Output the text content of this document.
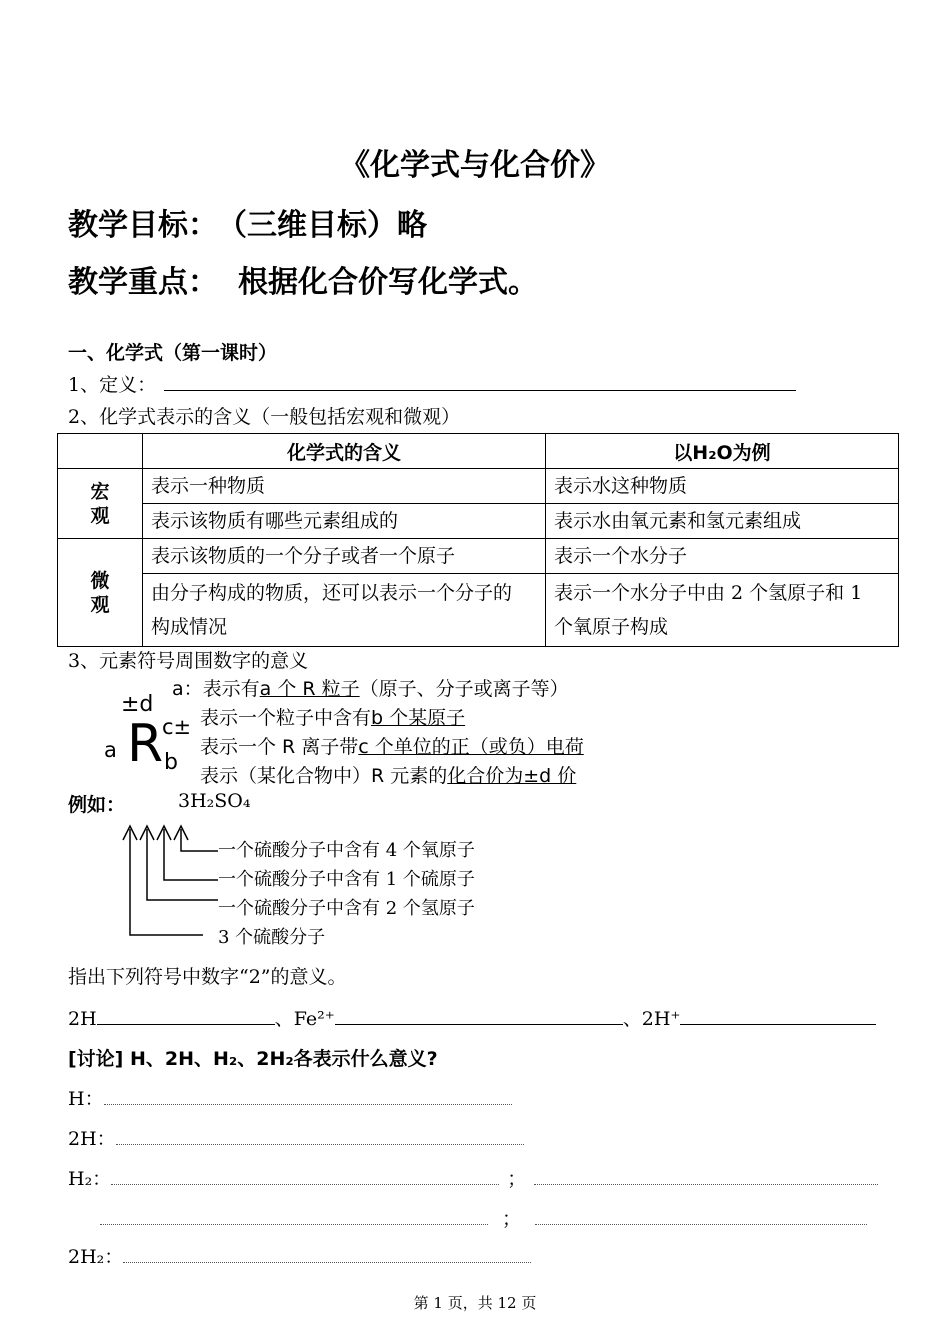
《化学式与化合价》
教学目标： （三维目标）略
教学重点： 根据化合价写化学式。
一、化学式（第一课时）
1、定义：
2、化学式表示的含义（一般包括宏观和微观）
	化学式的含义	以H₂O为例
宏观	表示一种物质	表示水这种物质
	表示该物质有哪些元素组成的	表示水由氧元素和氢元素组成
微观	表示该物质的一个分子或者一个原子	表示一个水分子

	由分子构成的物质，还可以表示一个分子的构成情况	表示一个水分子中由 2 个氢原子和 1 个氧原子构成
3、元素符号周围数字的意义
a R
±d
c±
b
a：表示有a 个 R 粒子（原子、分子或离子等）
表示一个粒子中含有b 个某原子
表示一个 R 离子带c 个单位的正（或负）电荷
表示（某化合物中）R 元素的化合价为±d 价
例如：	3H₂SO₄
一个硫酸分子中含有 4 个氧原子
一个硫酸分子中含有 1 个硫原子
一个硫酸分子中含有 2 个氢原子
3 个硫酸分子
指出下列符号中数字“2”的意义。
2H	、Fe²⁺	、2H⁺
[讨论] H、2H、H₂、2H₂各表示什么意义?
H：
2H：
H₂：	；
；
2H₂：
第 1 页，共 12 页
